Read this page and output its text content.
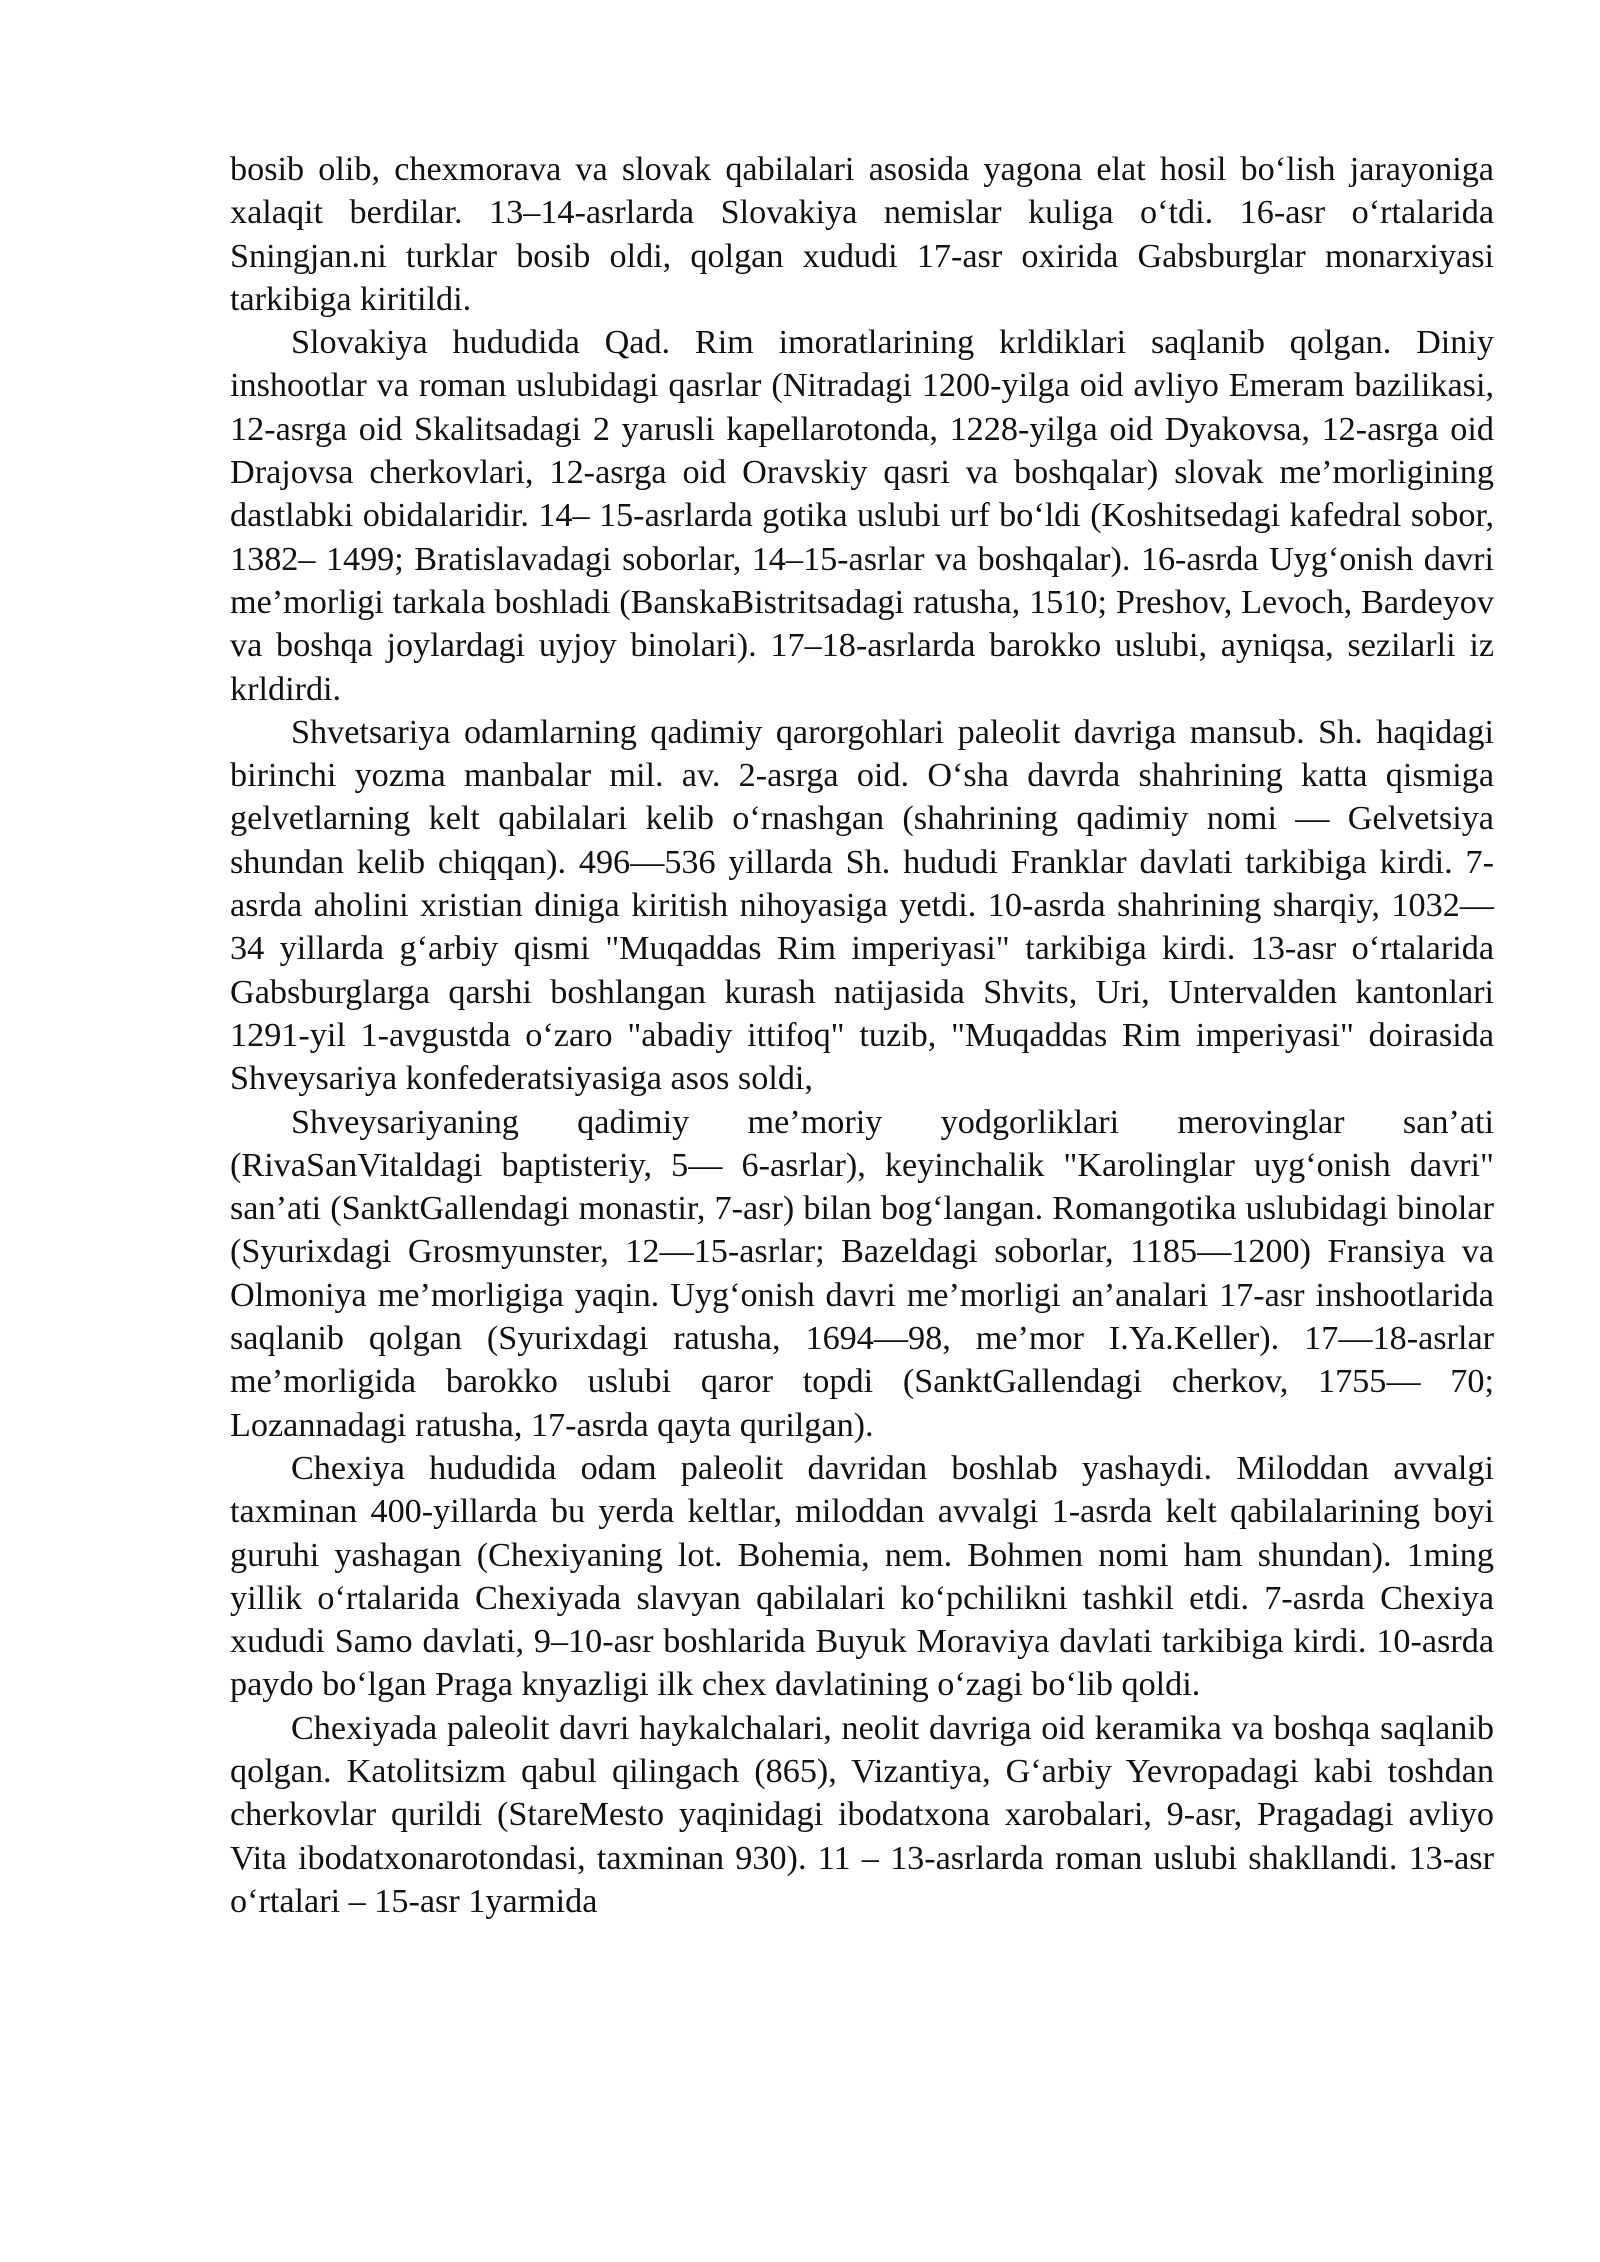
bosib olib, chexmorava va slovak qabilalari asosida yagona elat hosil bo‘lish jarayoniga xalaqit berdilar. 13–14-asrlarda Slovakiya nemislar kuliga o‘tdi. 16-asr o‘rtalarida Sningjan.ni turklar bosib oldi, qolgan xududi 17-asr oxirida Gabsburglar monarxiyasi tarkibiga kiritildi.

Slovakiya hududida Qad. Rim imoratlarining krldiklari saqlanib qolgan. Diniy inshootlar va roman uslubidagi qasrlar (Nitradagi 1200-yilga oid avliyo Emeram bazilikasi, 12-asrga oid Skalitsadagi 2 yarusli kapellarotonda, 1228-yilga oid Dyakovsa, 12-asrga oid Drajovsa cherkovlari, 12-asrga oid Oravskiy qasri va boshqalar) slovak me’morligining dastlabki obidalaridir. 14– 15-asrlarda gotika uslubi urf bo‘ldi (Koshitsedagi kafedral sobor, 1382– 1499; Bratislavadagi soborlar, 14–15-asrlar va boshqalar). 16-asrda Uyg‘onish davri me’morligi tarkala boshladi (BanskaBistritsadagi ratusha, 1510; Preshov, Levoch, Bardeyov va boshqa joylardagi uyjoy binolari). 17–18-asrlarda barokko uslubi, ayniqsa, sezilarli iz krldirdi.

Shvetsariya odamlarning qadimiy qarorgohlari paleolit davriga mansub. Sh. haqidagi birinchi yozma manbalar mil. av. 2-asrga oid. O‘sha davrda shahrining katta qismiga gelvetlarning kelt qabilalari kelib o‘rnashgan (shahrining qadimiy nomi — Gelvetsiya shundan kelib chiqqan). 496—536 yillarda Sh. hududi Franklar davlati tarkibiga kirdi. 7-asrda aholini xristian diniga kiritish nihoyasiga yetdi. 10-asrda shahrining sharqiy, 1032—34 yillarda g‘arbiy qismi "Muqaddas Rim imperiyasi" tarkibiga kirdi. 13-asr o‘rtalarida Gabsburglarga qarshi boshlangan kurash natijasida Shvits, Uri, Untervalden kantonlari 1291-yil 1-avgustda o‘zaro "abadiy ittifoq" tuzib, "Muqaddas Rim imperiyasi" doirasida Shveysariya konfederatsiyasiga asos soldi,

Shveysariyaning qadimiy me’moriy yodgorliklari merovinglar san’ati (RivaSanVitaldagi baptisteriy, 5— 6-asrlar), keyinchalik "Karolinglar uyg‘onish davri" san’ati (SanktGallendagi monastir, 7-asr) bilan bog‘langan. Romangotika uslubidagi binolar (Syurixdagi Grosmyunster, 12—15-asrlar; Bazeldagi soborlar, 1185—1200) Fransiya va Olmoniya me’morligiga yaqin. Uyg‘onish davri me’morligi an’analari 17-asr inshootlarida saqlanib qolgan (Syurixdagi ratusha, 1694—98, me’mor I.Ya.Keller). 17—18-asrlar me’morligida barokko uslubi qaror topdi (SanktGallendagi cherkov, 1755— 70; Lozannadagi ratusha, 17-asrda qayta qurilgan).

Chexiya hududida odam paleolit davridan boshlab yashaydi. Miloddan avvalgi taxminan 400-yillarda bu yerda keltlar, miloddan avvalgi 1-asrda kelt qabilalarining boyi guruhi yashagan (Chexiyaning lot. Bohemia, nem. Bohmen nomi ham shundan). 1ming yillik o‘rtalarida Chexiyada slavyan qabilalari ko‘pchilikni tashkil etdi. 7-asrda Chexiya xududi Samo davlati, 9–10-asr boshlarida Buyuk Moraviya davlati tarkibiga kirdi. 10-asrda paydo bo‘lgan Praga knyazligi ilk chex davlatining o‘zagi bo‘lib qoldi.

Chexiyada paleolit davri haykalchalari, neolit davriga oid keramika va boshqa saqlanib qolgan. Katolitsizm qabul qilingach (865), Vizantiya, G‘arbiy Yevropadagi kabi toshdan cherkovlar qurildi (StareMesto yaqinidagi ibodatxona xarobalari, 9-asr, Pragadagi avliyo Vita ibodatxonarotondasi, taxminan 930). 11 – 13-asrlarda roman uslubi shakllandi. 13-asr o‘rtalari – 15-asr 1yarmida
